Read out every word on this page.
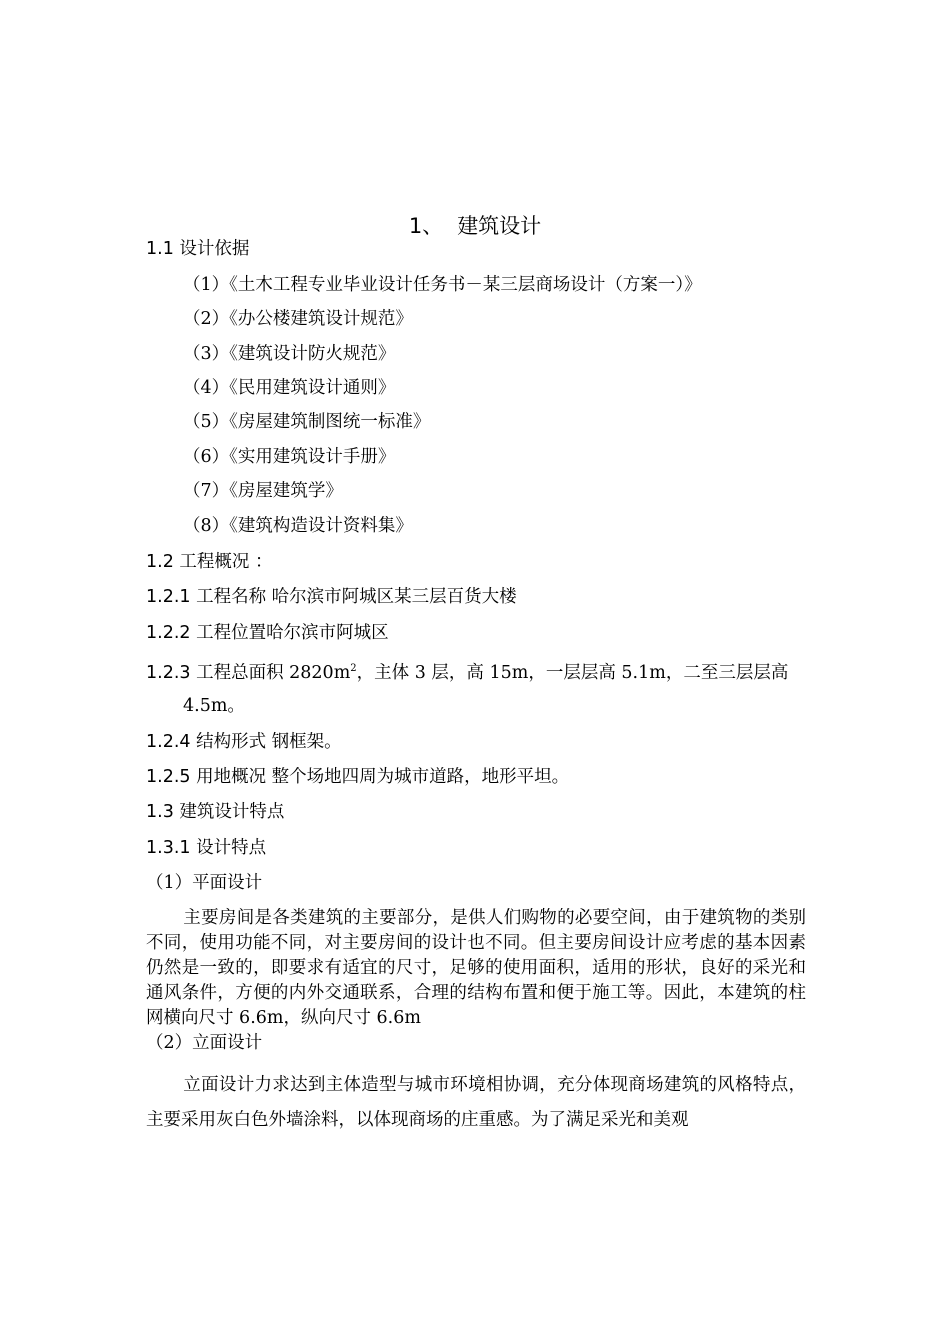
1、 建筑设计
1.1 设计依据
（1）《土木工程专业毕业设计任务书－某三层商场设计（方案一）》
（2）《办公楼建筑设计规范》
（3）《建筑设计防火规范》
（4）《民用建筑设计通则》
（5）《房屋建筑制图统一标准》
（6）《实用建筑设计手册》
（7）《房屋建筑学》
（8）《建筑构造设计资料集》
1.2 工程概况 ：
1.2.1 工程名称 哈尔滨市阿城区某三层百货大楼
1.2.2 工程位置哈尔滨市阿城区
1.2.3 工程总面积 $2820m^2$，主体 3 层，高 15m，一层层高 5.1m，二至三层层高
4.5m。
1.2.4 结构形式 钢框架。
1.2.5 用地概况 整个场地四周为城市道路，地形平坦。
1.3 建筑设计特点
1.3.1 设计特点
（1）平面设计
主要房间是各类建筑的主要部分，是供人们购物的必要空间，由于建筑物的类别不同，使用功能不同，对主要房间的设计也不同。但主要房间设计应考虑的基本因素仍然是一致的，即要求有适宜的尺寸，足够的使用面积，适用的形状，良好的采光和通风条件，方便的内外交通联系，合理的结构布置和便于施工等。因此，本建筑的柱网横向尺寸 6.6m，纵向尺寸 6.6m
（2）立面设计
立面设计力求达到主体造型与城市环境相协调，充分体现商场建筑的风格特点，主要采用灰白色外墙涂料，以体现商场的庄重感。为了满足采光和美观
